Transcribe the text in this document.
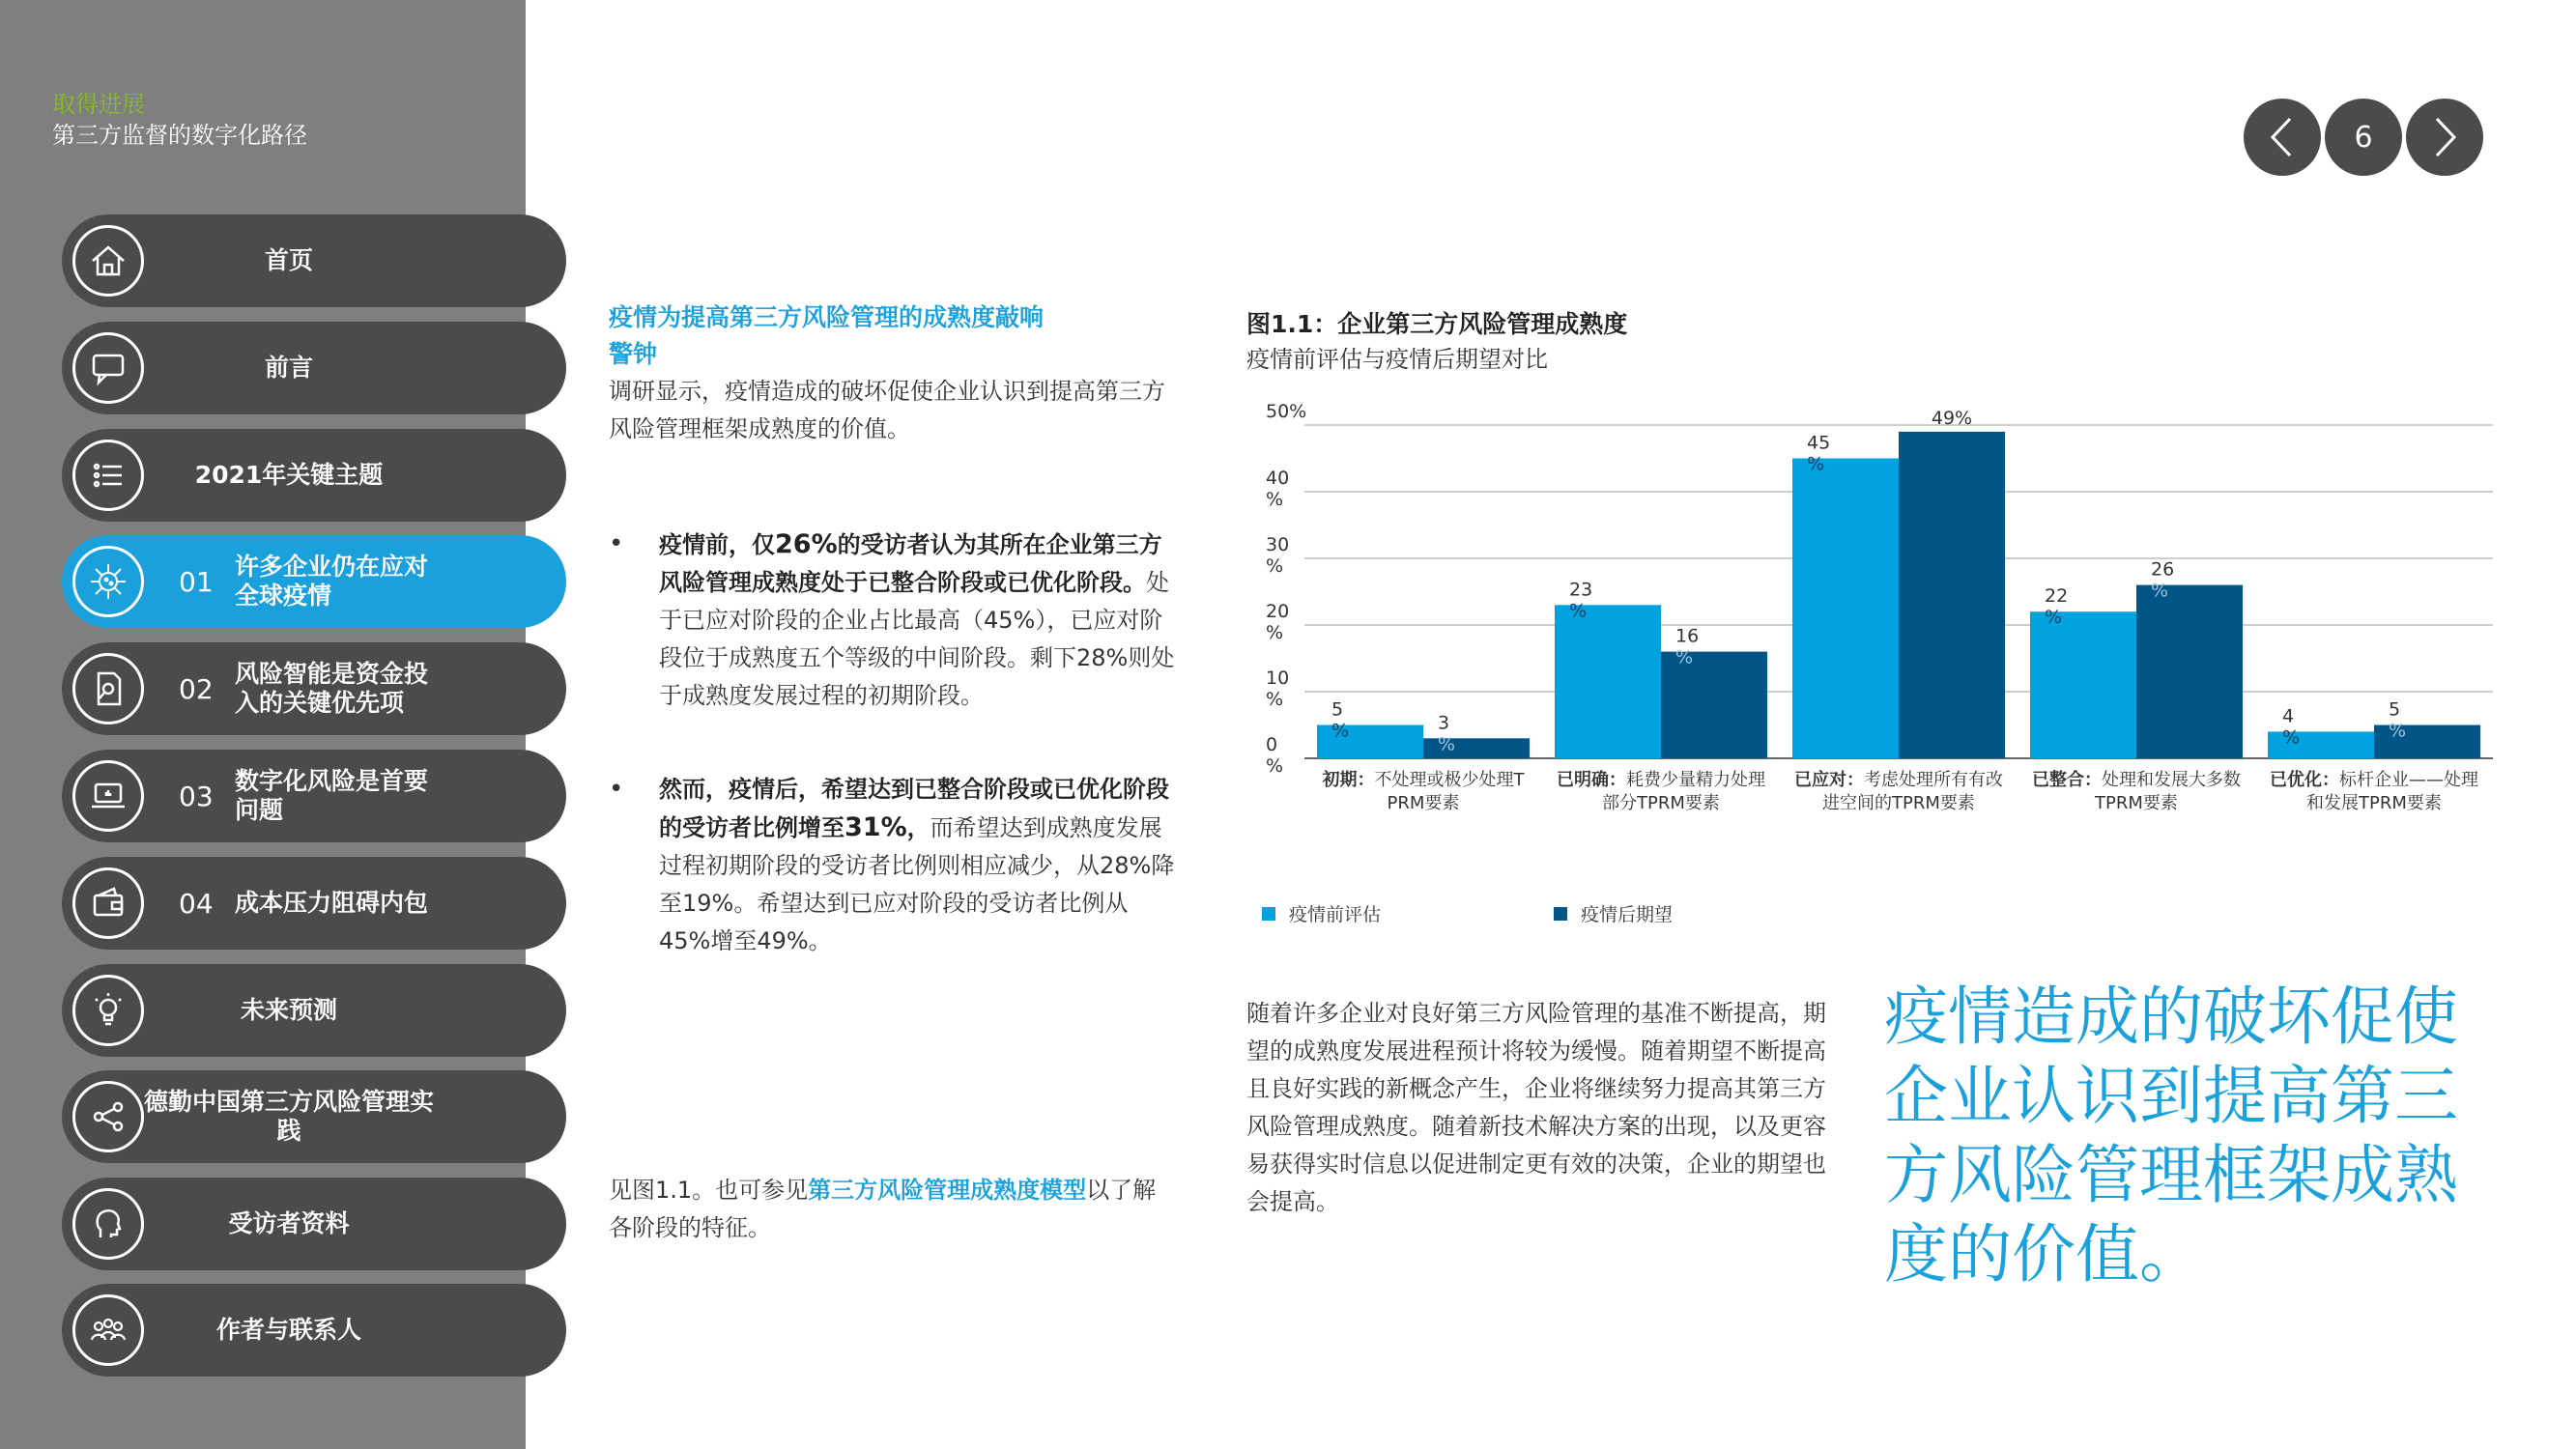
取得进展
第三方监督的数字化路径
首页
前言
2021年关键主题
01 许多企业仍在应对全球疫情
02 风险智能是资金投入的关键优先项
03 数字化风险是首要问题
04 成本压力阻碍内包
未来预测
德勤中国第三方风险管理实践
受访者资料
作者与联系人
6
疫情为提高第三方风险管理的成熟度敲响警钟
调研显示，疫情造成的破坏促使企业认识到提高第三方风险管理框架成熟度的价值。
• 疫情前，仅26%的受访者认为其所在企业第三方风险管理成熟度处于已整合阶段或已优化阶段。处于已应对阶段的企业占比最高（45%），已应对阶段位于成熟度五个等级的中间阶段。剩下28%则处于成熟度发展过程的初期阶段。
• 然而，疫情后，希望达到已整合阶段或已优化阶段的受访者比例增至31%，而希望达到成熟度发展过程初期阶段的受访者比例则相应减少，从28%降至19%。希望达到已应对阶段的受访者比例从45%增至49%。
见图1.1。也可参见第三方风险管理成熟度模型以了解各阶段的特征。
图1.1：企业第三方风险管理成熟度
疫情前评估与疫情后期望对比
0 %
10 %
20 %
30 %
40 %
50%
5 %
23 %
45 %
22 %
4 %
3 %
16 %
49%
26 %
5 %
初期：不处理或极少处理T PRM要素
已明确：耗费少量精力处理部分TPRM要素
已应对：考虑处理所有有改进空间的TPRM要素
已整合：处理和发展大多数 TPRM要素
已优化：标杆企业——处理和发展TPRM要素
疫情前评估	疫情后期望
随着许多企业对良好第三方风险管理的基准不断提高，期望的成熟度发展进程预计将较为缓慢。随着期望不断提高且良好实践的新概念产生，企业将继续努力提高其第三方风险管理成熟度。随着新技术解决方案的出现，以及更容易获得实时信息以促进制定更有效的决策，企业的期望也会提高。
疫情造成的破坏促使企业认识到提高第三方风险管理框架成熟度的价值。
